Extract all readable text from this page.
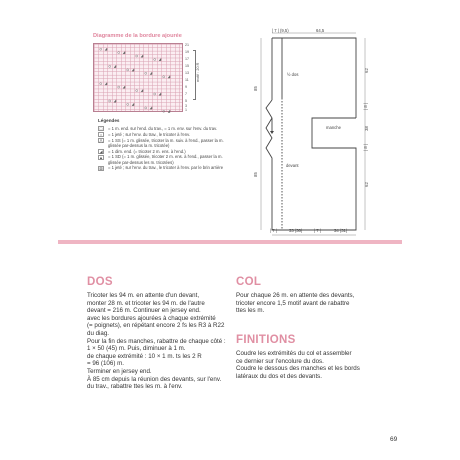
Diagramme de la bordure ajourée
21
19
17
15
13
11
9
7
5
3
1
motif : 20 R
Légendes
□	= 1 m. end. sur l'end. du trav., = 1 m. env. sur l'env. du trav.
○	= 1 jeté ; sur l'env. du trav., le tricoter à l'env.
⋀	= 1 SS (= 1 m. glissée, tricoter la m. suiv. à l'end., passer la m. glissée par-dessus la m. tricotée)
◢	= 1 dim. end. (= tricoter 2 m. ens. à l'end.)
▲ = 1 SD (= 1 m. glissée, tricoter 2 m. ens. à l'end., passer la m. glissée par-dessus les m. tricotées)
⊠	= 1 jeté ; sur l'env. du trav., le tricoter à l'env. par le brin arrière
| 7 | (9,5)	64,5
½ dos
manche
devant
85
85
62
| 8 |
38
| 8 |
62
| 7 |	33 (36)	| 7 |	34 (31)
DOS
Tricoter les 94 m. en attente d'un devant,
monter 28 m. et tricoter les 94 m. de l'autre
devant = 216 m. Continuer en jersey end.
avec les bordures ajourées à chaque extrémité
(= poignets), en répétant encore 2 fs les R3 à R22
du diag.
Pour la fin des manches, rabattre de chaque côté :
1 × 50 (45) m. Puis, diminuer à 1 m.
de chaque extrémité : 10 × 1 m. ts les 2 R
= 96 (106) m.
Terminer en jersey end.
À 85 cm depuis la réunion des devants, sur l'env.
du trav., rabattre ttes les m. à l'env.
COL
Pour chaque 26 m. en attente des devants,
tricoter encore 1,5 motif avant de rabattre
ttes les m.
FINITIONS
Coudre les extrémités du col et assembler
ce dernier sur l'encolure du dos.
Coudre le dessous des manches et les bords
latéraux du dos et des devants.
69
